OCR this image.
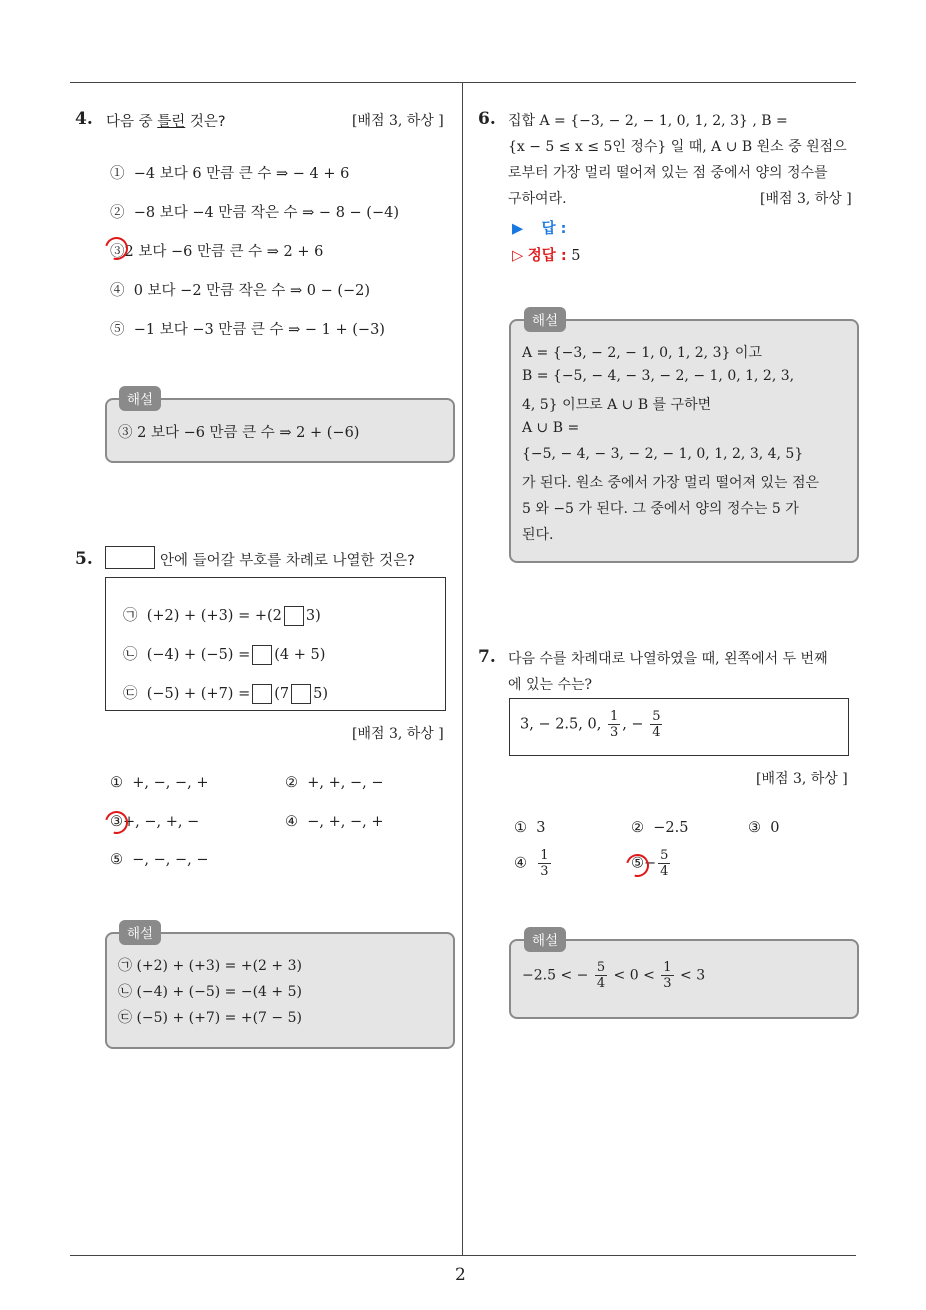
2
4. 다음 중 틀린 것은?	[배점 3, 하상 ]
① −4 보다 6 만큼 큰 수 ⇒ − 4 + 6
② −8 보다 −4 만큼 작은 수 ⇒ − 8 − (−4)
③2 보다 −6 만큼 큰 수 ⇒ 2 + 6
④ 0 보다 −2 만큼 작은 수 ⇒ 0 − (−2)
⑤ −1 보다 −3 만큼 큰 수 ⇒ − 1 + (−3)
해설
③ 2 보다 −6 만큼 큰 수 ⇒ 2 + (−6)
5.	안에 들어갈 부호를 차례로 나열한 것은?
㉠ (+2) + (+3) = +(2 3)
㉡ (−4) + (−5) = (4 + 5)
㉢ (−5) + (+7) = (7 5)
[배점 3, 하상 ]
① +, −, −, +	② +, +, −, −
③+, −, +, −	④ −, +, −, +
⑤ −, −, −, −
해설
㉠ (+2) + (+3) = +(2 + 3)
㉡ (−4) + (−5) = −(4 + 5)
㉢ (−5) + (+7) = +(7 − 5)
6. 집합 A = {−3, − 2, − 1, 0, 1, 2, 3} , B =
{x − 5 ≤ x ≤ 5인 정수} 일 때, A ∪ B 원소 중 원점으
로부터 가장 멀리 떨어져 있는 점 중에서 양의 정수를
구하여라.	[배점 3, 하상 ]
▶ 답 :
▷ 정답 : 5
해설
A = {−3, − 2, − 1, 0, 1, 2, 3} 이고
B = {−5, − 4, − 3, − 2, − 1, 0, 1, 2, 3,
4, 5} 이므로 A ∪ B 를 구하면
A ∪ B =
{−5, − 4, − 3, − 2, − 1, 0, 1, 2, 3, 4, 5}
가 된다. 원소 중에서 가장 멀리 떨어져 있는 점은
5 와 −5 가 된다. 그 중에서 양의 정수는 5 가
된다.
7. 다음 수를 차례대로 나열하였을 때, 왼쪽에서 두 번째
에 있는 수는?
3, − 2.5, 0, $\frac{1}{3}$ , − $\frac{5}{4}$
[배점 3, 하상 ]
① 3	② −2.5	③ 0
④ $\frac{1}{3}$	⑤− $\frac{5}{4}$
해설
−2.5 < − $\frac{5}{4} < 0 < \frac{1}{3} < 3$
